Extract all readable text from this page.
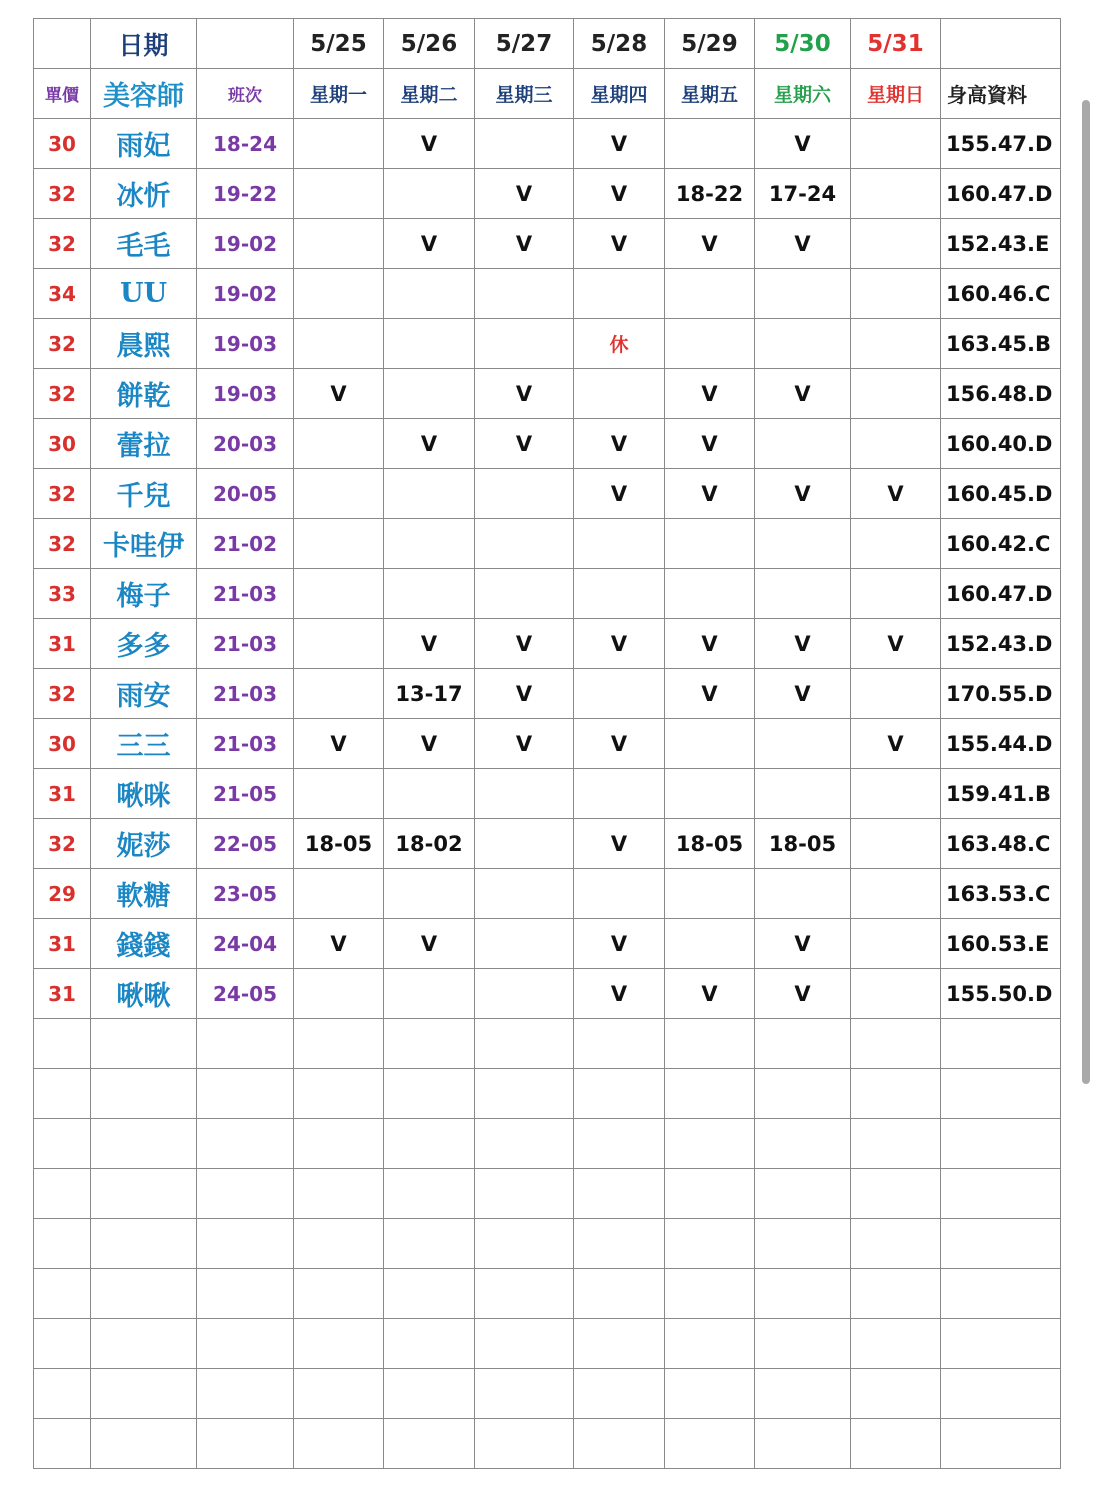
	日期		5/25	5/26	5/27	5/28	5/29	5/30	5/31	
單價	美容師	班次	星期一	星期二	星期三	星期四	星期五	星期六	星期日	身高資料
30	雨妃	18-24		V		V		V		155.47.D
32	冰忻	19-22			V	V	18-22	17-24		160.47.D
32	毛毛	19-02		V	V	V	V	V		152.43.E
34	UU	19-02								160.46.C
32	晨熙	19-03				休				163.45.B
32	餅乾	19-03	V		V		V	V		156.48.D
30	蕾拉	20-03		V	V	V	V			160.40.D
32	千兒	20-05				V	V	V	V	160.45.D
32	卡哇伊	21-02								160.42.C
33	梅子	21-03								160.47.D
31	多多	21-03		V	V	V	V	V	V	152.43.D
32	雨安	21-03		13-17	V		V	V		170.55.D
30	三三	21-03	V	V	V	V			V	155.44.D
31	啾咪	21-05								159.41.B
32	妮莎	22-05	18-05	18-02		V	18-05	18-05		163.48.C
29	軟糖	23-05								163.53.C
31	錢錢	24-04	V	V		V		V		160.53.E
31	啾啾	24-05				V	V	V		155.50.D
